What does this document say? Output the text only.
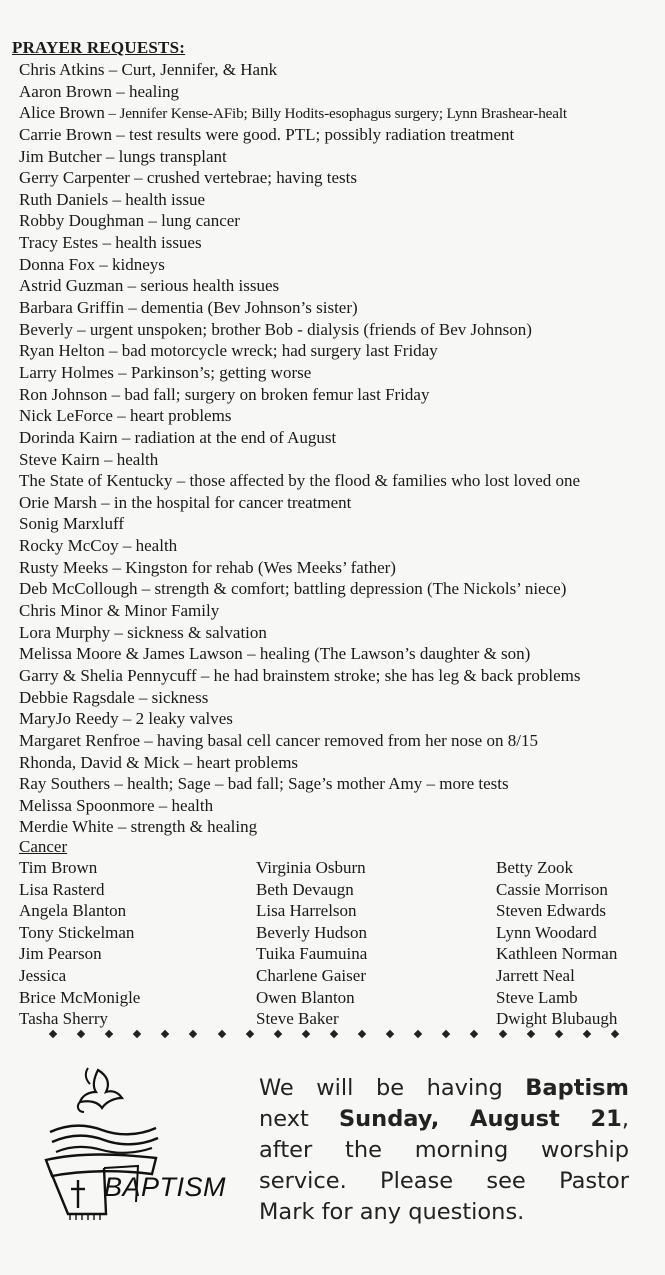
PRAYER REQUESTS:
Chris Atkins – Curt, Jennifer, & Hank
Aaron Brown – healing
Alice Brown – Jennifer Kense-AFib; Billy Hodits-esophagus surgery; Lynn Brashear-healt
Carrie Brown – test results were good. PTL; possibly radiation treatment
Jim Butcher – lungs transplant
Gerry Carpenter – crushed vertebrae; having tests
Ruth Daniels – health issue
Robby Doughman – lung cancer
Tracy Estes – health issues
Donna Fox – kidneys
Astrid Guzman – serious health issues
Barbara Griffin – dementia (Bev Johnson’s sister)
Beverly – urgent unspoken; brother Bob - dialysis (friends of Bev Johnson)
Ryan Helton – bad motorcycle wreck; had surgery last Friday
Larry Holmes – Parkinson’s; getting worse
Ron Johnson – bad fall; surgery on broken femur last Friday
Nick LeForce – heart problems
Dorinda Kairn – radiation at the end of August
Steve Kairn – health
The State of Kentucky – those affected by the flood & families who lost loved one
Orie Marsh – in the hospital for cancer treatment
Sonig Marxluff
Rocky McCoy – health
Rusty Meeks – Kingston for rehab (Wes Meeks’ father)
Deb McCollough – strength & comfort; battling depression (The Nickols’ niece)
Chris Minor & Minor Family
Lora Murphy – sickness & salvation
Melissa Moore & James Lawson – healing (The Lawson’s daughter & son)
Garry & Shelia Pennycuff – he had brainstem stroke; she has leg & back problems
Debbie Ragsdale – sickness
MaryJo Reedy – 2 leaky valves
Margaret Renfroe – having basal cell cancer removed from her nose on 8/15
Rhonda, David & Mick – heart problems
Ray Southers – health; Sage – bad fall; Sage’s mother Amy – more tests
Melissa Spoonmore – health
Merdie White – strength & healing
Cancer
Tim Brown
Lisa Rasterd
Angela Blanton
Tony Stickelman
Jim Pearson
Jessica
Brice McMonigle
Tasha Sherry
Virginia Osburn
Beth Devaugn
Lisa Harrelson
Beverly Hudson
Tuika Faumuina
Charlene Gaiser
Owen Blanton
Steve Baker
Betty Zook
Cassie Morrison
Steven Edwards
Lynn Woodard
Kathleen Norman
Jarrett Neal
Steve Lamb
Dwight Blubaugh
BAPTISM
We will be having Baptism
next Sunday, August 21,
after the morning worship
service. Please see Pastor
Mark for any questions.
